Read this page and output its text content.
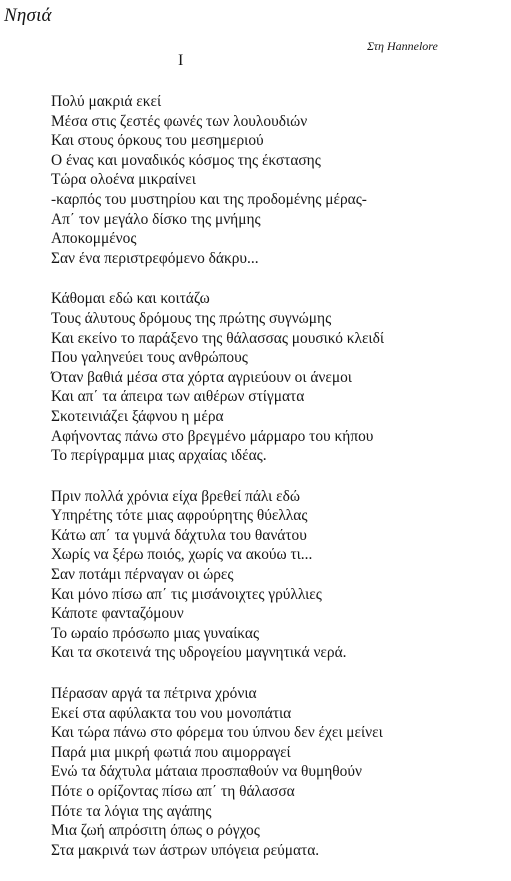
Νησιά
Στη Hannelore
I
Πολύ μακριά εκεί
Μέσα στις ζεστές φωνές των λουλουδιών
Και στους όρκους του μεσημεριού
Ο ένας και μοναδικός κόσμος της έκστασης
Τώρα ολοένα μικραίνει
-καρπός του μυστηρίου και της προδομένης μέρας-
Απ΄ τον μεγάλο δίσκο της μνήμης
Αποκομμένος
Σαν ένα περιστρεφόμενο δάκρυ...
Κάθομαι εδώ και κοιτάζω
Τους άλυτους δρόμους της πρώτης συγνώμης
Και εκείνο το παράξενο της θάλασσας μουσικό κλειδί
Που γαληνεύει τους ανθρώπους
Όταν βαθιά μέσα στα χόρτα αγριεύουν οι άνεμοι
Και απ΄ τα άπειρα των αιθέρων στίγματα
Σκοτεινιάζει ξάφνου η μέρα
Αφήνοντας πάνω στο βρεγμένο μάρμαρο του κήπου
Το περίγραμμα μιας αρχαίας ιδέας.
Πριν πολλά χρόνια είχα βρεθεί πάλι εδώ
Υπηρέτης τότε μιας αφρούρητης θύελλας
Κάτω απ΄ τα γυμνά δάχτυλα του θανάτου
Χωρίς να ξέρω ποιός, χωρίς να ακούω τι...
Σαν ποτάμι πέρναγαν οι ώρες
Και μόνο πίσω απ΄ τις μισάνοιχτες γρύλλιες
Κάποτε φανταζόμουν
Το ωραίο πρόσωπο μιας γυναίκας
Και τα σκοτεινά της υδρογείου μαγνητικά νερά.
Πέρασαν αργά τα πέτρινα χρόνια
Εκεί στα αφύλακτα του νου μονοπάτια
Και τώρα πάνω στο φόρεμα του ύπνου δεν έχει μείνει
Παρά μια μικρή φωτιά που αιμορραγεί
Ενώ τα δάχτυλα μάταια προσπαθούν να θυμηθούν
Πότε ο ορίζοντας πίσω απ΄ τη θάλασσα
Πότε τα λόγια της αγάπης
Μια ζωή απρόσιτη όπως ο ρόγχος
Στα μακρινά των άστρων υπόγεια ρεύματα.
